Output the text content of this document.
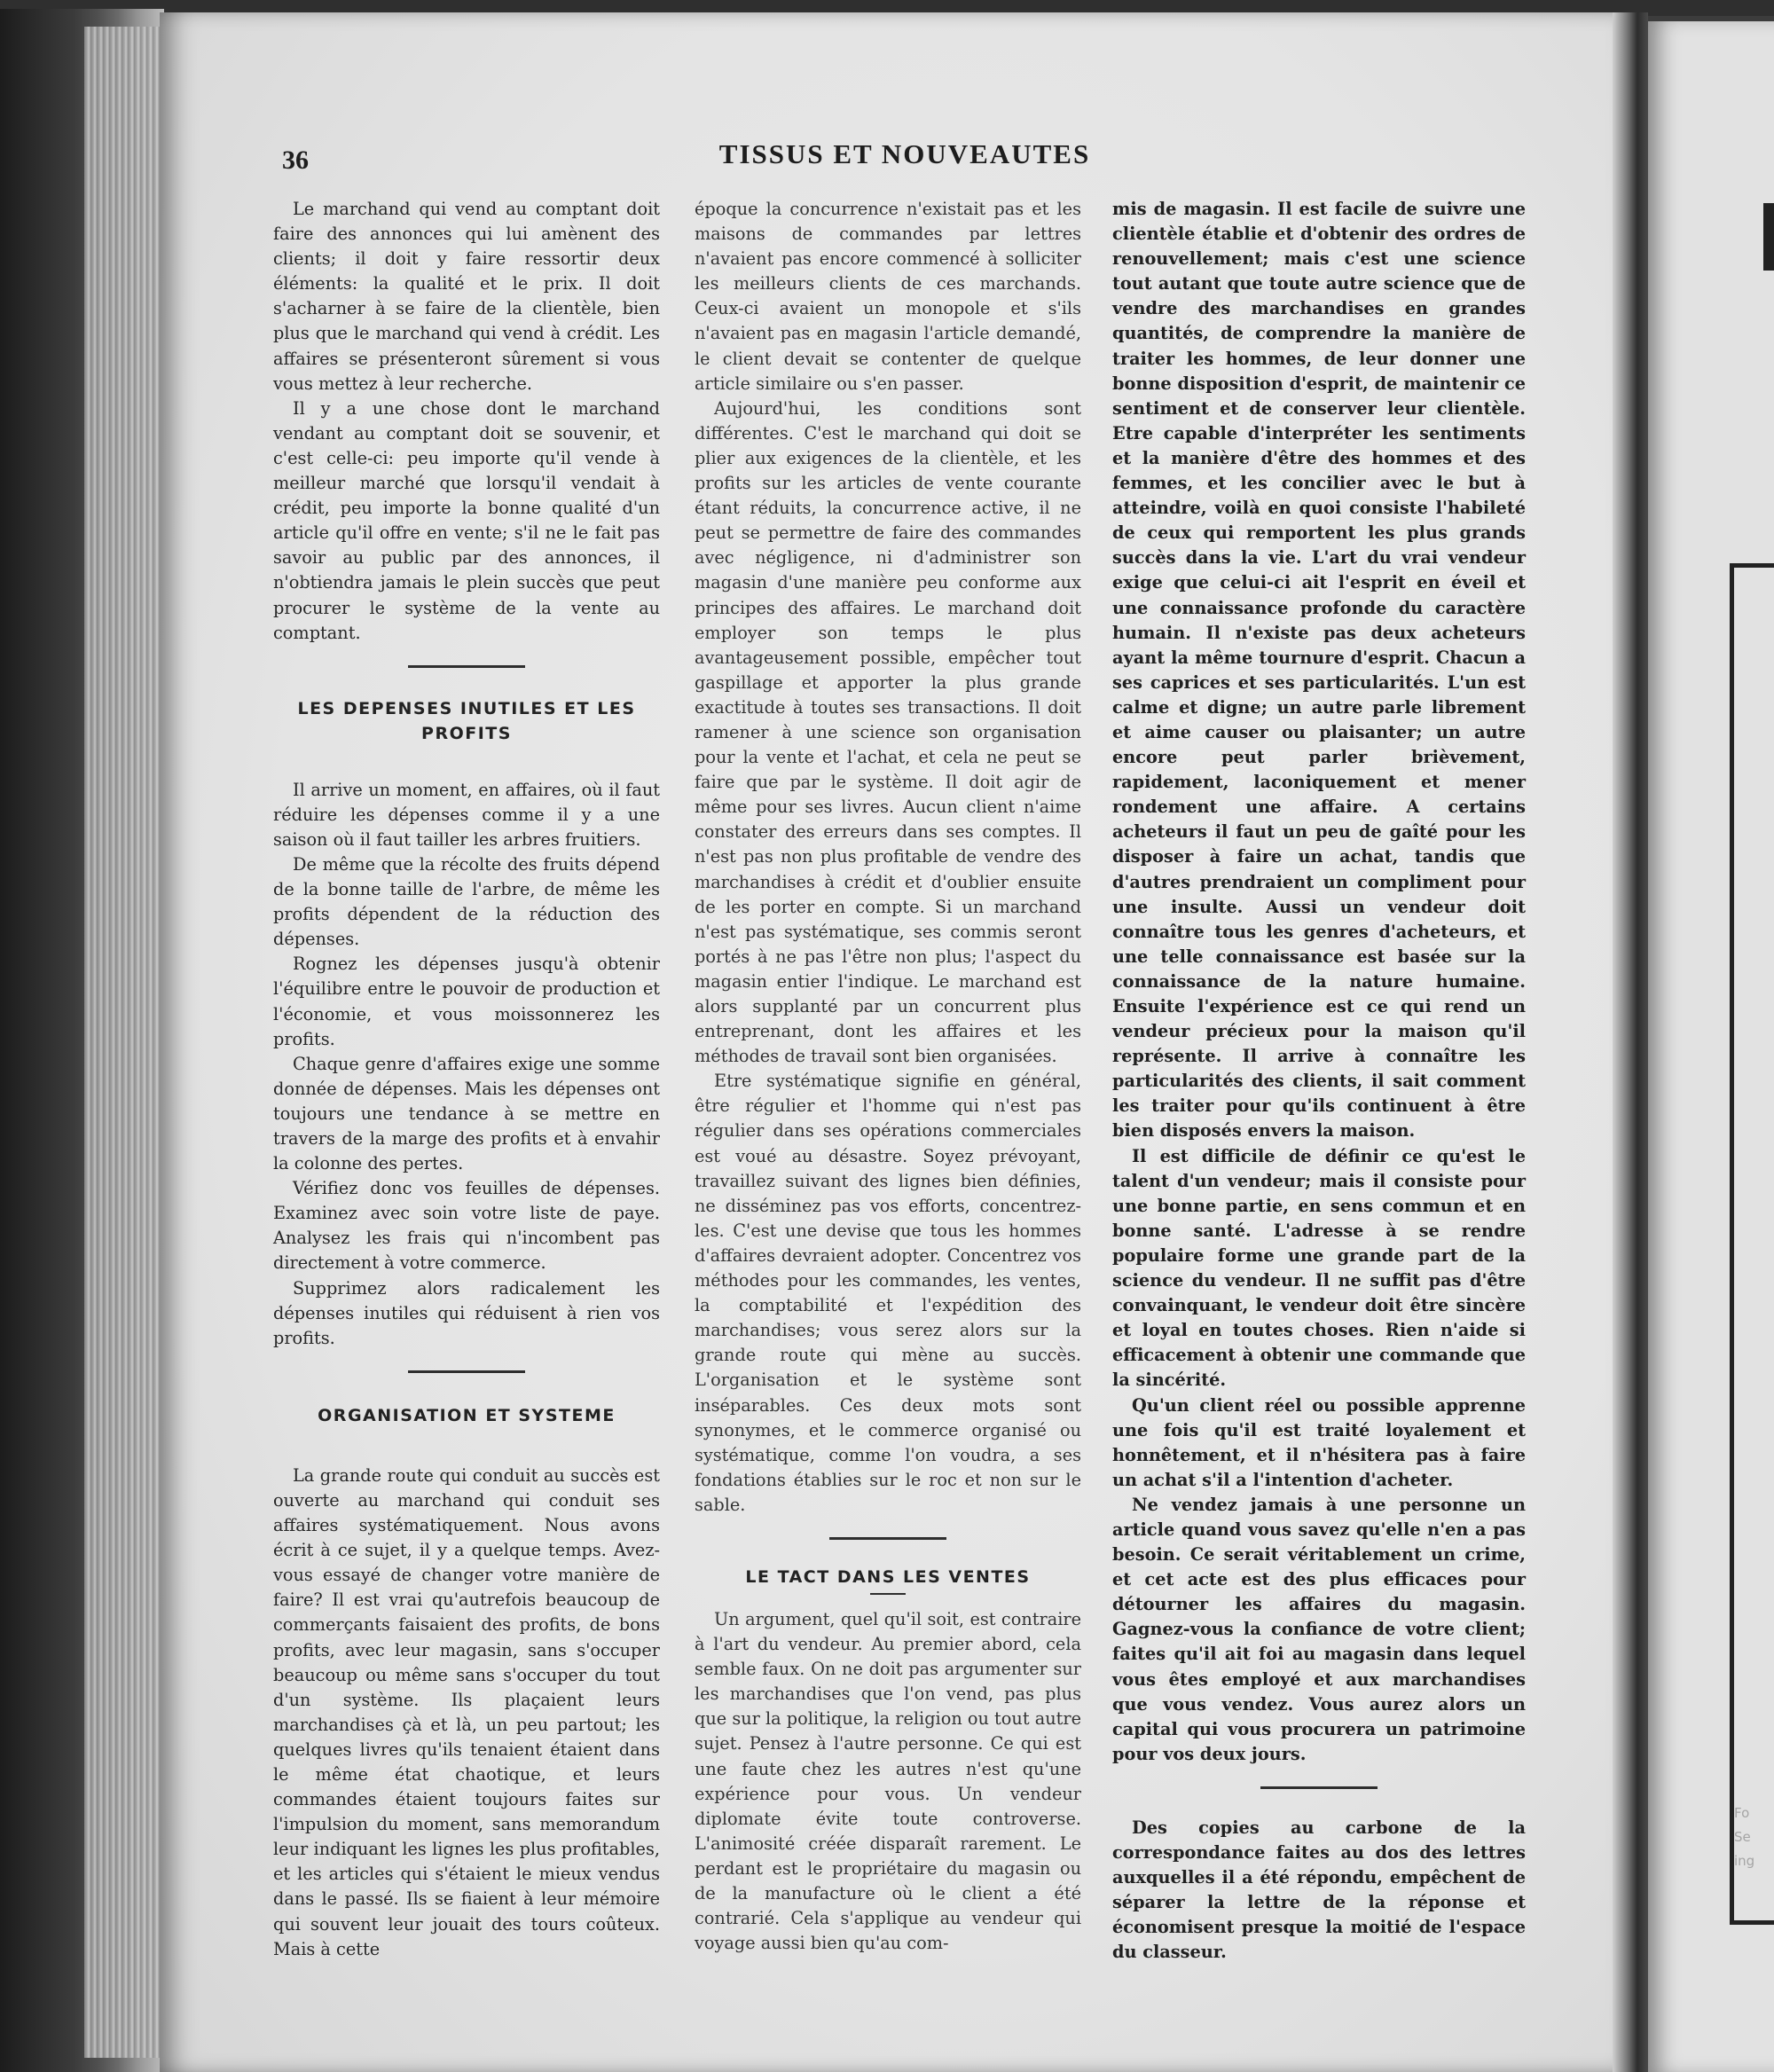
36	TISSUS ET NOUVEAUTES

Le marchand qui vend au comptant doit faire des annonces qui lui amènent des clients; il doit y faire ressortir deux éléments: la qualité et le prix. Il doit s'acharner à se faire de la clientèle, bien plus que le marchand qui vend à crédit. Les affaires se présenteront sûrement si vous vous mettez à leur recherche.

Il y a une chose dont le marchand vendant au comptant doit se souvenir, et c'est celle-ci: peu importe qu'il vende à meilleur marché que lorsqu'il vendait à crédit, peu importe la bonne qualité d'un article qu'il offre en vente; s'il ne le fait pas savoir au public par des annonces, il n'obtiendra jamais le plein succès que peut procurer le système de la vente au comptant.

LES DEPENSES INUTILES ET LES PROFITS

Il arrive un moment, en affaires, où il faut réduire les dépenses comme il y a une saison où il faut tailler les arbres fruitiers.

De même que la récolte des fruits dépend de la bonne taille de l'arbre, de même les profits dépendent de la réduction des dépenses.

Rognez les dépenses jusqu'à obtenir l'équilibre entre le pouvoir de production et l'économie, et vous moissonnerez les profits.

Chaque genre d'affaires exige une somme donnée de dépenses. Mais les dépenses ont toujours une tendance à se mettre en travers de la marge des profits et à envahir la colonne des pertes.

Vérifiez donc vos feuilles de dépenses. Examinez avec soin votre liste de paye. Analysez les frais qui n'incombent pas directement à votre commerce.

Supprimez alors radicalement les dépenses inutiles qui réduisent à rien vos profits.

ORGANISATION ET SYSTEME

La grande route qui conduit au succès est ouverte au marchand qui conduit ses affaires systématiquement. Nous avons écrit à ce sujet, il y a quelque temps. Avez-vous essayé de changer votre manière de faire? Il est vrai qu'autrefois beaucoup de commerçants faisaient des profits, de bons profits, avec leur magasin, sans s'occuper beaucoup ou même sans s'occuper du tout d'un système. Ils plaçaient leurs marchandises çà et là, un peu partout; les quelques livres qu'ils tenaient étaient dans le même état chaotique, et leurs commandes étaient toujours faites sur l'impulsion du moment, sans memorandum leur indiquant les lignes les plus profitables, et les articles qui s'étaient le mieux vendus dans le passé. Ils se fiaient à leur mémoire qui souvent leur jouait des tours coûteux. Mais à cette

époque la concurrence n'existait pas et les maisons de commandes par lettres n'avaient pas encore commencé à solliciter les meilleurs clients de ces marchands. Ceux-ci avaient un monopole et s'ils n'avaient pas en magasin l'article demandé, le client devait se contenter de quelque article similaire ou s'en passer.

Aujourd'hui, les conditions sont différentes. C'est le marchand qui doit se plier aux exigences de la clientèle, et les profits sur les articles de vente courante étant réduits, la concurrence active, il ne peut se permettre de faire des commandes avec négligence, ni d'administrer son magasin d'une manière peu conforme aux principes des affaires. Le marchand doit employer son temps le plus avantageusement possible, empêcher tout gaspillage et apporter la plus grande exactitude à toutes ses transactions. Il doit ramener à une science son organisation pour la vente et l'achat, et cela ne peut se faire que par le système. Il doit agir de même pour ses livres. Aucun client n'aime constater des erreurs dans ses comptes. Il n'est pas non plus profitable de vendre des marchandises à crédit et d'oublier ensuite de les porter en compte. Si un marchand n'est pas systématique, ses commis seront portés à ne pas l'être non plus; l'aspect du magasin entier l'indique. Le marchand est alors supplanté par un concurrent plus entreprenant, dont les affaires et les méthodes de travail sont bien organisées.

Etre systématique signifie en général, être régulier et l'homme qui n'est pas régulier dans ses opérations commerciales est voué au désastre. Soyez prévoyant, travaillez suivant des lignes bien définies, ne disséminez pas vos efforts, concentrez-les. C'est une devise que tous les hommes d'affaires devraient adopter. Concentrez vos méthodes pour les commandes, les ventes, la comptabilité et l'expédition des marchandises; vous serez alors sur la grande route qui mène au succès. L'organisation et le système sont inséparables. Ces deux mots sont synonymes, et le commerce organisé ou systématique, comme l'on voudra, a ses fondations établies sur le roc et non sur le sable.

LE TACT DANS LES VENTES

Un argument, quel qu'il soit, est contraire à l'art du vendeur. Au premier abord, cela semble faux. On ne doit pas argumenter sur les marchandises que l'on vend, pas plus que sur la politique, la religion ou tout autre sujet. Pensez à l'autre personne. Ce qui est une faute chez les autres n'est qu'une expérience pour vous. Un vendeur diplomate évite toute controverse. L'animosité créée disparaît rarement. Le perdant est le propriétaire du magasin ou de la manufacture où le client a été contrarié. Cela s'applique au vendeur qui voyage aussi bien qu'au com-

mis de magasin. Il est facile de suivre une clientèle établie et d'obtenir des ordres de renouvellement; mais c'est une science tout autant que toute autre science que de vendre des marchandises en grandes quantités, de comprendre la manière de traiter les hommes, de leur donner une bonne disposition d'esprit, de maintenir ce sentiment et de conserver leur clientèle. Etre capable d'interpréter les sentiments et la manière d'être des hommes et des femmes, et les concilier avec le but à atteindre, voilà en quoi consiste l'habileté de ceux qui remportent les plus grands succès dans la vie. L'art du vrai vendeur exige que celui-ci ait l'esprit en éveil et une connaissance profonde du caractère humain. Il n'existe pas deux acheteurs ayant la même tournure d'esprit. Chacun a ses caprices et ses particularités. L'un est calme et digne; un autre parle librement et aime causer ou plaisanter; un autre encore peut parler brièvement, rapidement, laconiquement et mener rondement une affaire. A certains acheteurs il faut un peu de gaîté pour les disposer à faire un achat, tandis que d'autres prendraient un compliment pour une insulte. Aussi un vendeur doit connaître tous les genres d'acheteurs, et une telle connaissance est basée sur la connaissance de la nature humaine. Ensuite l'expérience est ce qui rend un vendeur précieux pour la maison qu'il représente. Il arrive à connaître les particularités des clients, il sait comment les traiter pour qu'ils continuent à être bien disposés envers la maison.

Il est difficile de définir ce qu'est le talent d'un vendeur; mais il consiste pour une bonne partie, en sens commun et en bonne santé. L'adresse à se rendre populaire forme une grande part de la science du vendeur. Il ne suffit pas d'être convainquant, le vendeur doit être sincère et loyal en toutes choses. Rien n'aide si efficacement à obtenir une commande que la sincérité.

Qu'un client réel ou possible apprenne une fois qu'il est traité loyalement et honnêtement, et il n'hésitera pas à faire un achat s'il a l'intention d'acheter.

Ne vendez jamais à une personne un article quand vous savez qu'elle n'en a pas besoin. Ce serait véritablement un crime, et cet acte est des plus efficaces pour détourner les affaires du magasin. Gagnez-vous la confiance de votre client; faites qu'il ait foi au magasin dans lequel vous êtes employé et aux marchandises que vous vendez. Vous aurez alors un capital qui vous procurera un patrimoine pour vos deux jours.

Des copies au carbone de la correspondance faites au dos des lettres auxquelles il a été répondu, empêchent de séparer la lettre de la réponse et économisent presque la moitié de l'espace du classeur.

Fo
Se
ing
